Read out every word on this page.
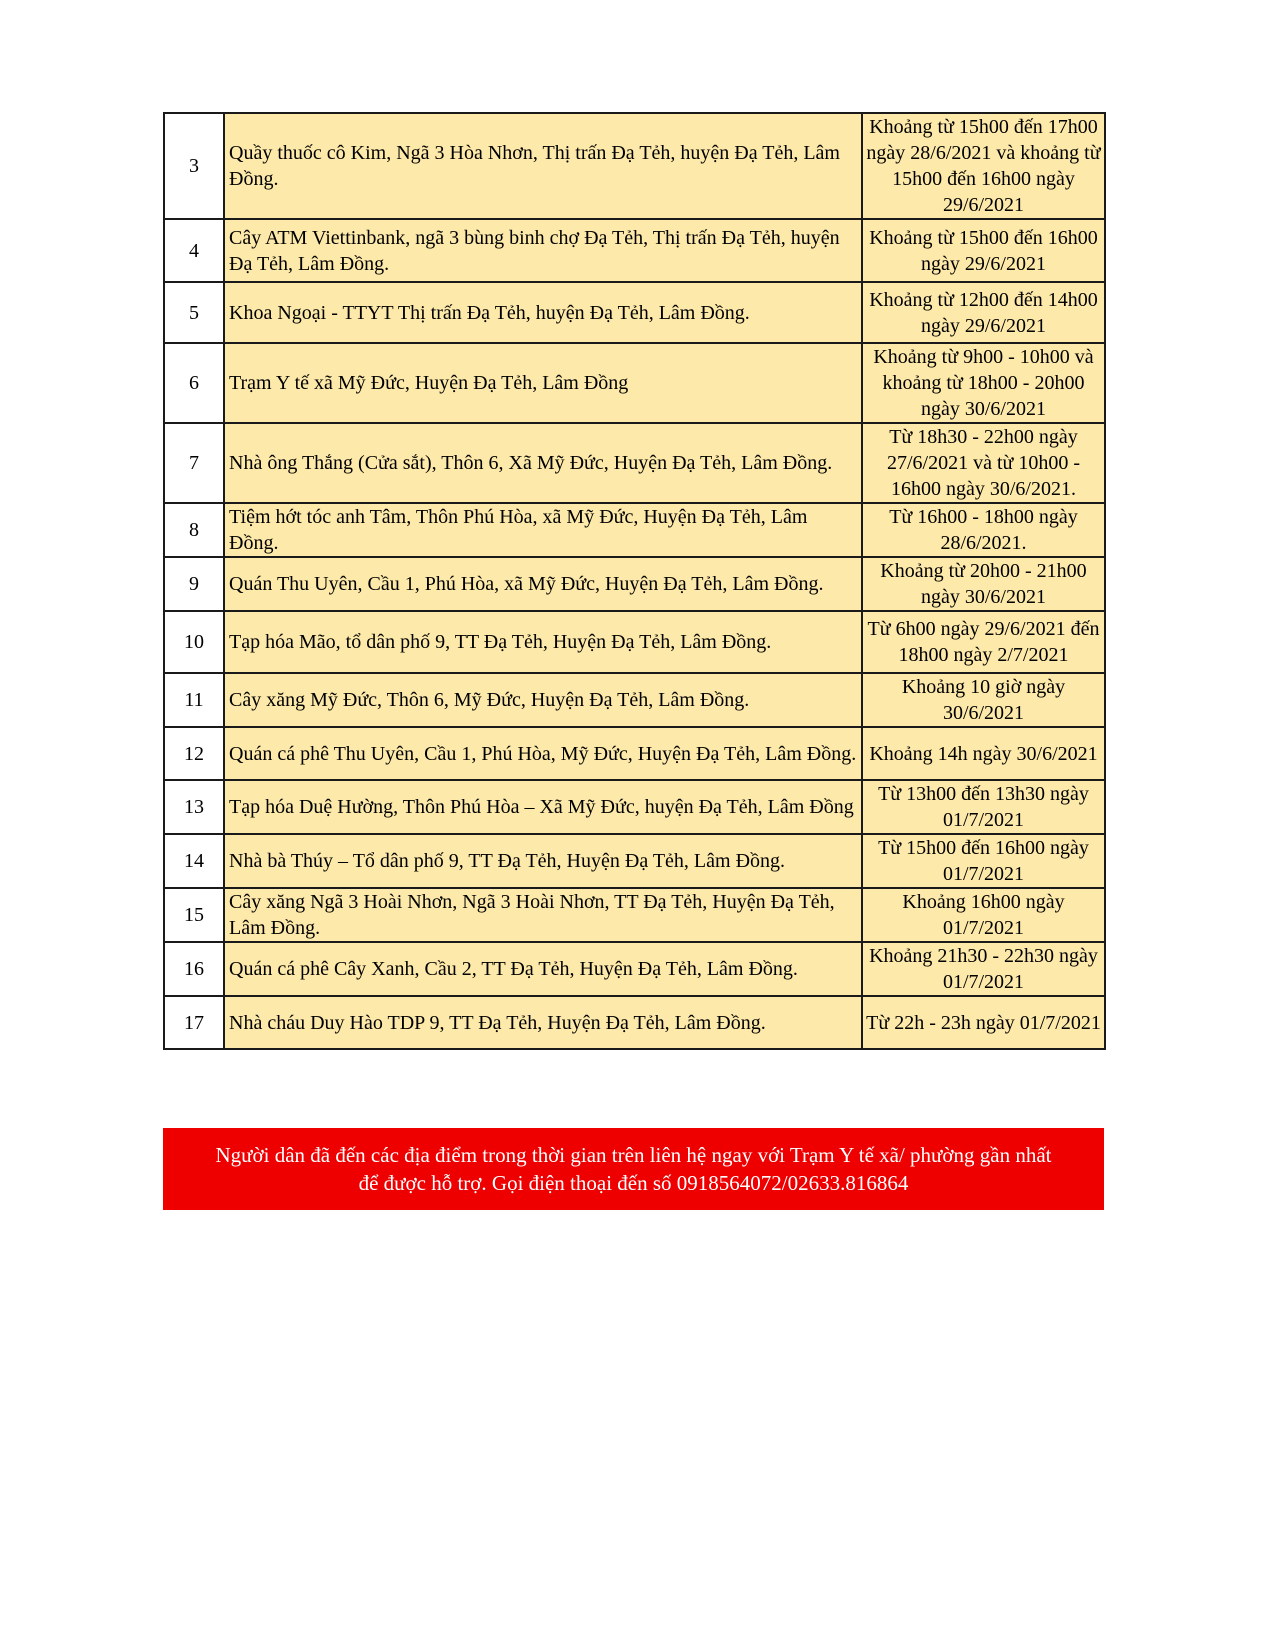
3	Quầy thuốc cô Kim, Ngã 3 Hòa Nhơn, Thị trấn Đạ Tẻh, huyện Đạ Tẻh, Lâm Đồng.	Khoảng từ 15h00 đến 17h00 ngày 28/6/2021 và khoảng từ 15h00 đến 16h00 ngày 29/6/2021
4	Cây ATM Viettinbank, ngã 3 bùng binh chợ Đạ Tẻh, Thị trấn Đạ Tẻh, huyện Đạ Tẻh, Lâm Đồng.	Khoảng từ 15h00 đến 16h00 ngày 29/6/2021
5	Khoa Ngoại - TTYT Thị trấn Đạ Tẻh, huyện Đạ Tẻh, Lâm Đồng.	Khoảng từ 12h00 đến 14h00 ngày 29/6/2021
6	Trạm Y tế xã Mỹ Đức, Huyện Đạ Tẻh, Lâm Đồng	Khoảng từ 9h00 - 10h00 và khoảng từ 18h00 - 20h00 ngày 30/6/2021
7	Nhà ông Thắng (Cửa sắt), Thôn 6, Xã Mỹ Đức, Huyện Đạ Tẻh, Lâm Đồng.	Từ 18h30 - 22h00 ngày 27/6/2021 và từ 10h00 - 16h00 ngày 30/6/2021.
8	Tiệm hớt tóc anh Tâm, Thôn Phú Hòa, xã Mỹ Đức, Huyện Đạ Tẻh, Lâm Đồng.	Từ 16h00 - 18h00 ngày 28/6/2021.
9	Quán Thu Uyên, Cầu 1, Phú Hòa, xã Mỹ Đức, Huyện Đạ Tẻh, Lâm Đồng.	Khoảng từ 20h00 - 21h00 ngày 30/6/2021
10	Tạp hóa Mão, tổ dân phố 9, TT Đạ Tẻh, Huyện Đạ Tẻh, Lâm Đồng.	Từ 6h00 ngày 29/6/2021 đến 18h00 ngày 2/7/2021
11	Cây xăng Mỹ Đức, Thôn 6, Mỹ Đức, Huyện Đạ Tẻh, Lâm Đồng.	Khoảng 10 giờ ngày 30/6/2021
12	Quán cá phê Thu Uyên, Cầu 1, Phú Hòa, Mỹ Đức, Huyện Đạ Tẻh, Lâm Đồng.	Khoảng 14h ngày 30/6/2021
13	Tạp hóa Duệ Hường, Thôn Phú Hòa – Xã Mỹ Đức, huyện Đạ Tẻh, Lâm Đồng	Từ 13h00 đến 13h30 ngày 01/7/2021
14	Nhà bà Thúy – Tổ dân phố 9, TT Đạ Tẻh, Huyện Đạ Tẻh, Lâm Đồng.	Từ 15h00 đến 16h00 ngày 01/7/2021
15	Cây xăng Ngã 3 Hoài Nhơn, Ngã 3 Hoài Nhơn, TT Đạ Tẻh, Huyện Đạ Tẻh, Lâm Đồng.	Khoảng 16h00 ngày 01/7/2021
16	Quán cá phê Cây Xanh, Cầu 2, TT Đạ Tẻh, Huyện Đạ Tẻh, Lâm Đồng.	Khoảng 21h30 - 22h30 ngày 01/7/2021
17	Nhà cháu Duy Hào TDP 9, TT Đạ Tẻh, Huyện Đạ Tẻh, Lâm Đồng.	Từ 22h - 23h ngày 01/7/2021
Người dân đã đến các địa điểm trong thời gian trên liên hệ ngay với Trạm Y tế xã/ phường gần nhất để được hỗ trợ. Gọi điện thoại đến số 0918564072/02633.816864
